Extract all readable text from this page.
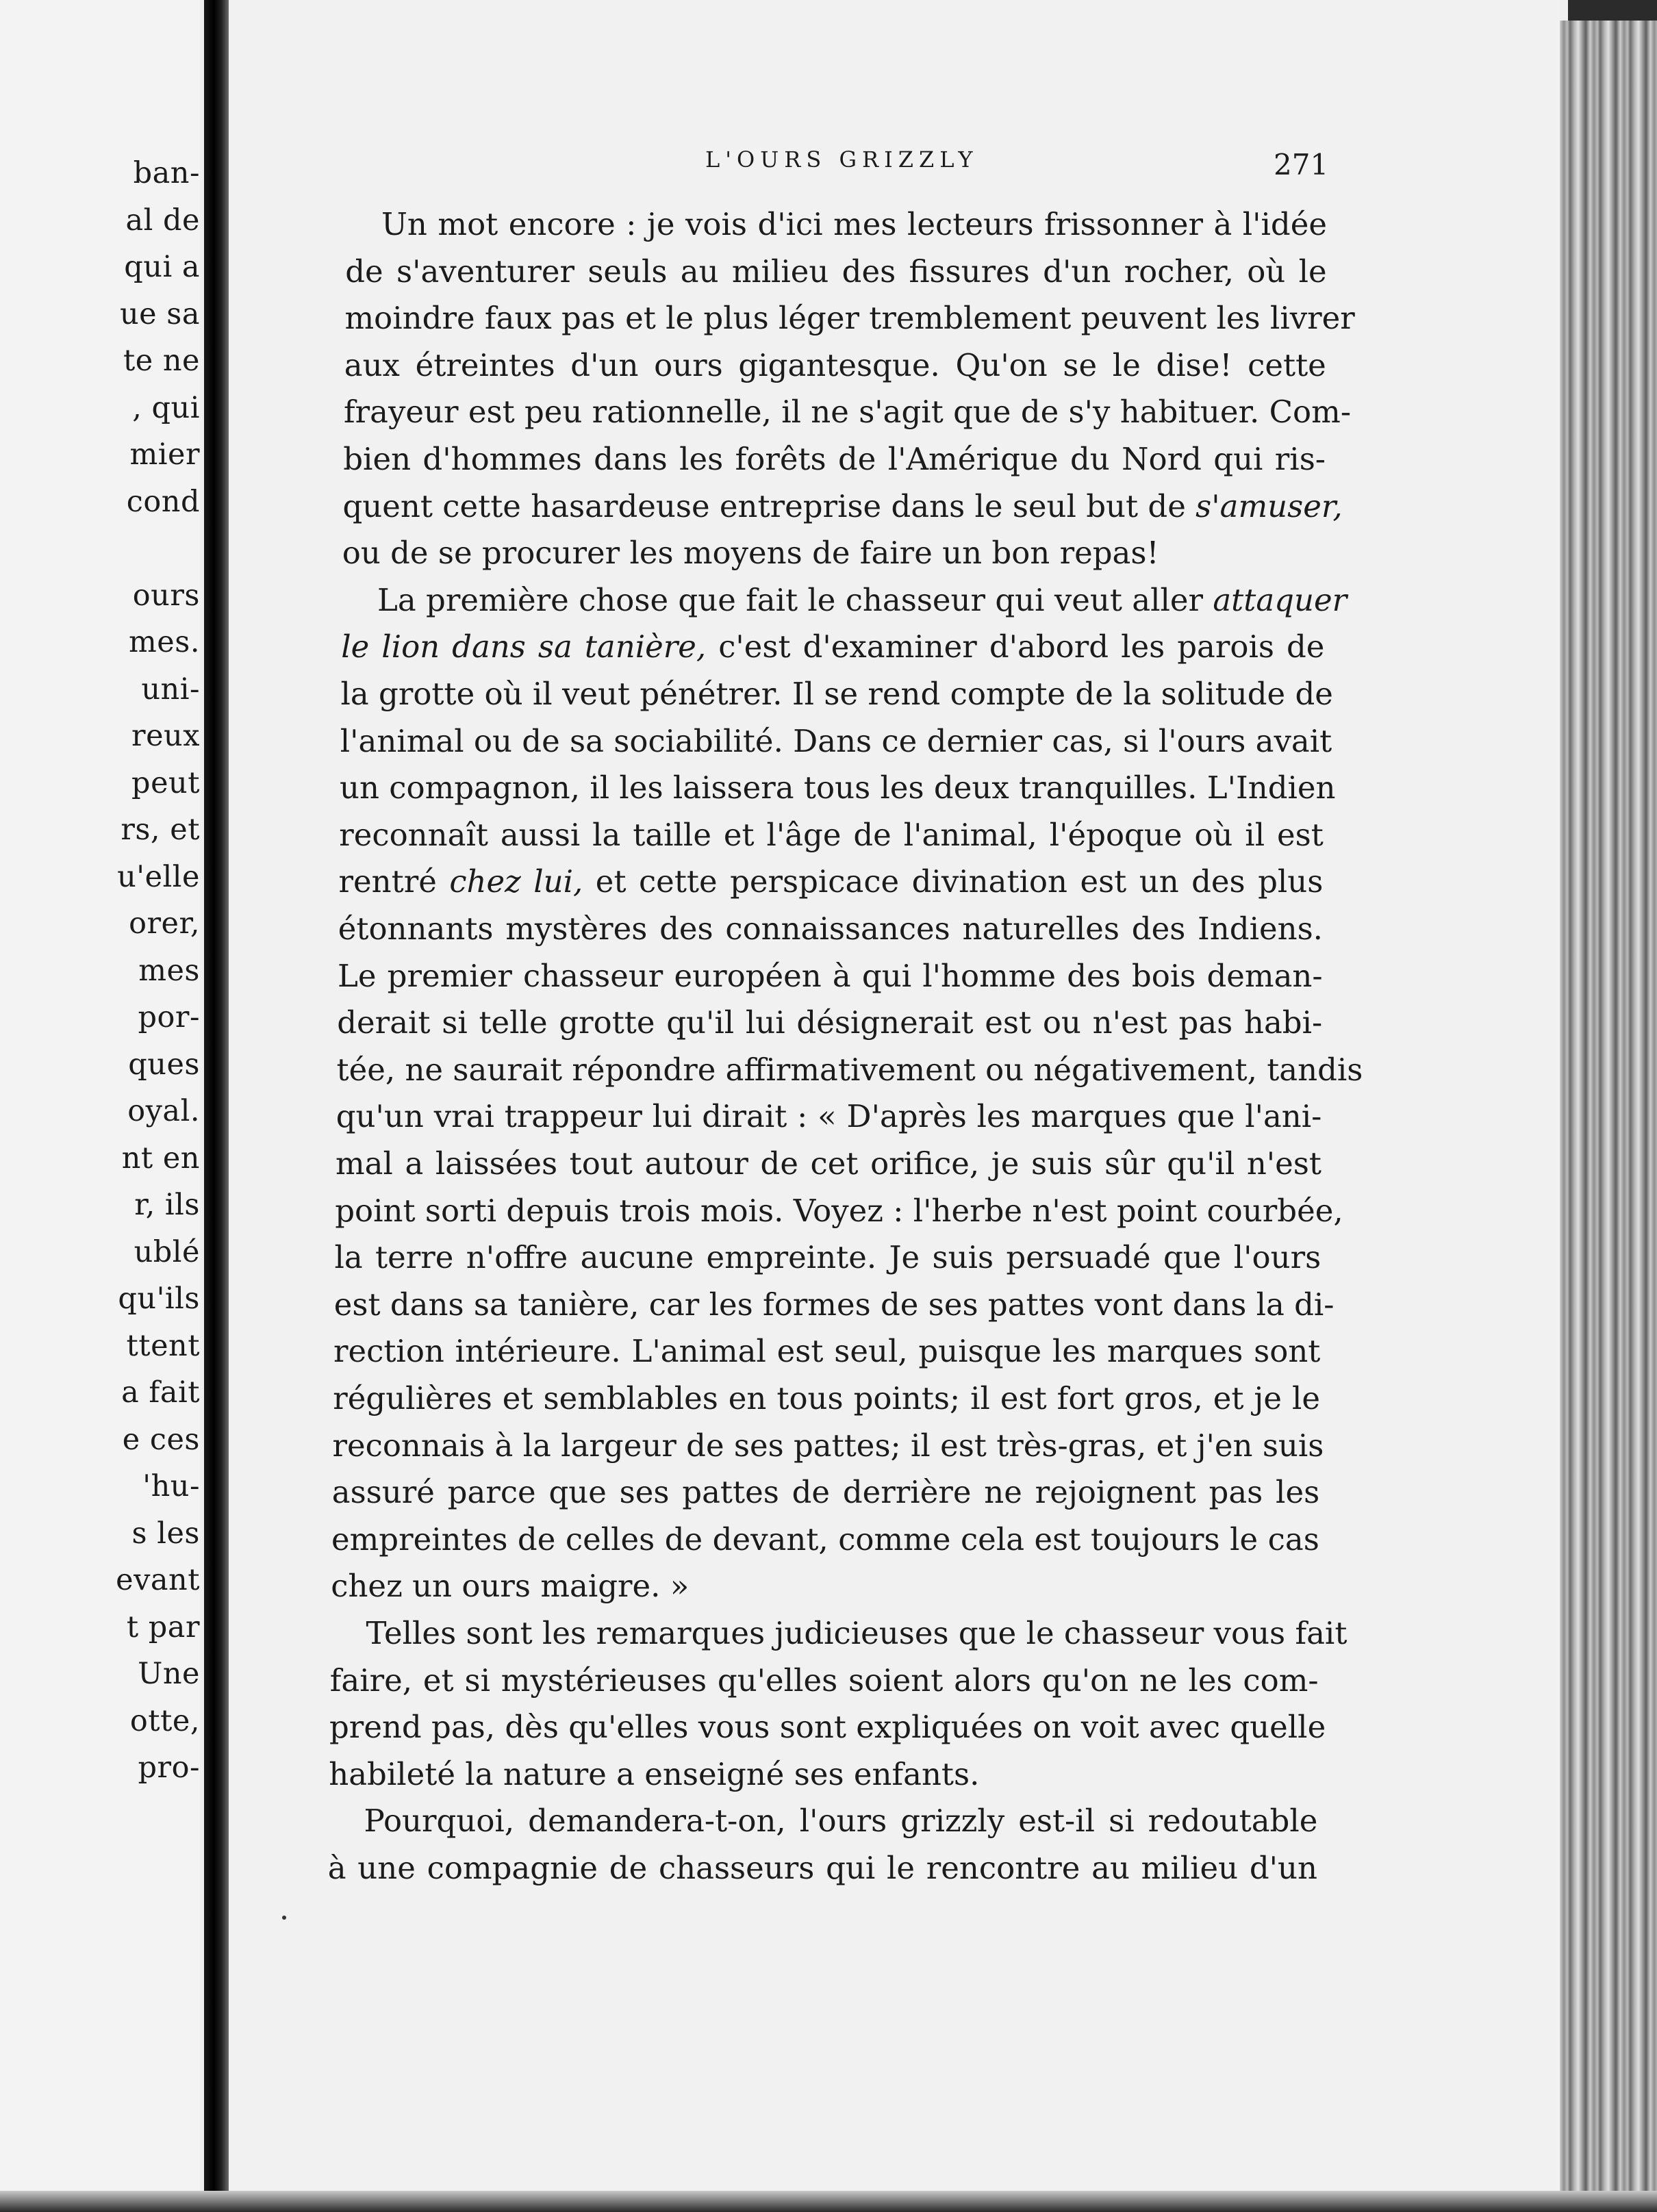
ban-

al de

qui a

ue sa

te ne

, qui

mier

cond

ours

mes.

uni-

reux

peut

rs, et

u'elle

orer,

mes

por-

ques

oyal.

nt en

r, ils

ublé

qu'ils

ttent

a fait

e ces

'hu-

s les

evant

t par

Une

otte,

pro-

L'OURS GRIZZLY	271

Un mot encore : je vois d'ici mes lecteurs frissonner à l'idée

de s'aventurer seuls au milieu des fissures d'un rocher, où le

moindre faux pas et le plus léger tremblement peuvent les livrer

aux étreintes d'un ours gigantesque. Qu'on se le dise! cette

frayeur est peu rationnelle, il ne s'agit que de s'y habituer. Com-

bien d'hommes dans les forêts de l'Amérique du Nord qui ris-

quent cette hasardeuse entreprise dans le seul but de s'amuser,

ou de se procurer les moyens de faire un bon repas!

La première chose que fait le chasseur qui veut aller attaquer

le lion dans sa tanière, c'est d'examiner d'abord les parois de

la grotte où il veut pénétrer. Il se rend compte de la solitude de

l'animal ou de sa sociabilité. Dans ce dernier cas, si l'ours avait

un compagnon, il les laissera tous les deux tranquilles. L'Indien

reconnaît aussi la taille et l'âge de l'animal, l'époque où il est

rentré chez lui, et cette perspicace divination est un des plus

étonnants mystères des connaissances naturelles des Indiens.

Le premier chasseur européen à qui l'homme des bois deman-

derait si telle grotte qu'il lui désignerait est ou n'est pas habi-

tée, ne saurait répondre affirmativement ou négativement, tandis

qu'un vrai trappeur lui dirait : « D'après les marques que l'ani-

mal a laissées tout autour de cet orifice, je suis sûr qu'il n'est

point sorti depuis trois mois. Voyez : l'herbe n'est point courbée,

la terre n'offre aucune empreinte. Je suis persuadé que l'ours

est dans sa tanière, car les formes de ses pattes vont dans la di-

rection intérieure. L'animal est seul, puisque les marques sont

régulières et semblables en tous points; il est fort gros, et je le

reconnais à la largeur de ses pattes; il est très-gras, et j'en suis

assuré parce que ses pattes de derrière ne rejoignent pas les

empreintes de celles de devant, comme cela est toujours le cas

chez un ours maigre. »

Telles sont les remarques judicieuses que le chasseur vous fait

faire, et si mystérieuses qu'elles soient alors qu'on ne les com-

prend pas, dès qu'elles vous sont expliquées on voit avec quelle

habileté la nature a enseigné ses enfants.

Pourquoi, demandera-t-on, l'ours grizzly est-il si redoutable

à une compagnie de chasseurs qui le rencontre au milieu d'un
